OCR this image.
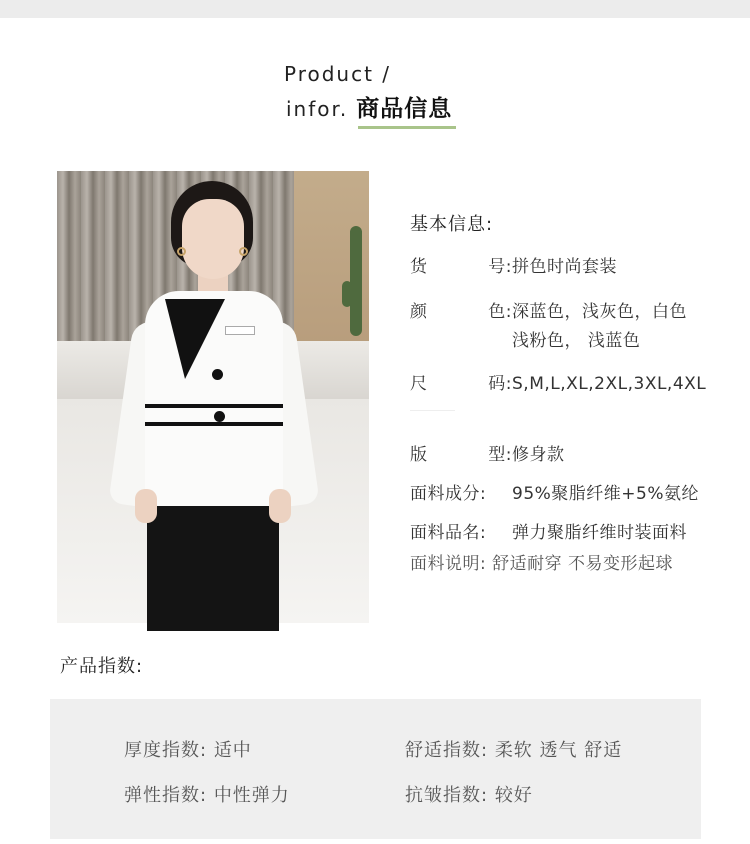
Product /
infor. 商品信息
基本信息:
货	号: 拼色时尚套装
颜	色: 深蓝色，浅灰色，白色
浅粉色， 浅蓝色
尺	码: S,M,L,XL,2XL,3XL,4XL
版	型: 修身款
面料成分:	95%聚脂纤维+5%氨纶
面料品名:	弹力聚脂纤维时装面料
面料说明: 舒适耐穿 不易变形起球
产品指数:
厚度指数: 适中	舒适指数: 柔软 透气 舒适
弹性指数: 中性弹力	抗皱指数: 较好
